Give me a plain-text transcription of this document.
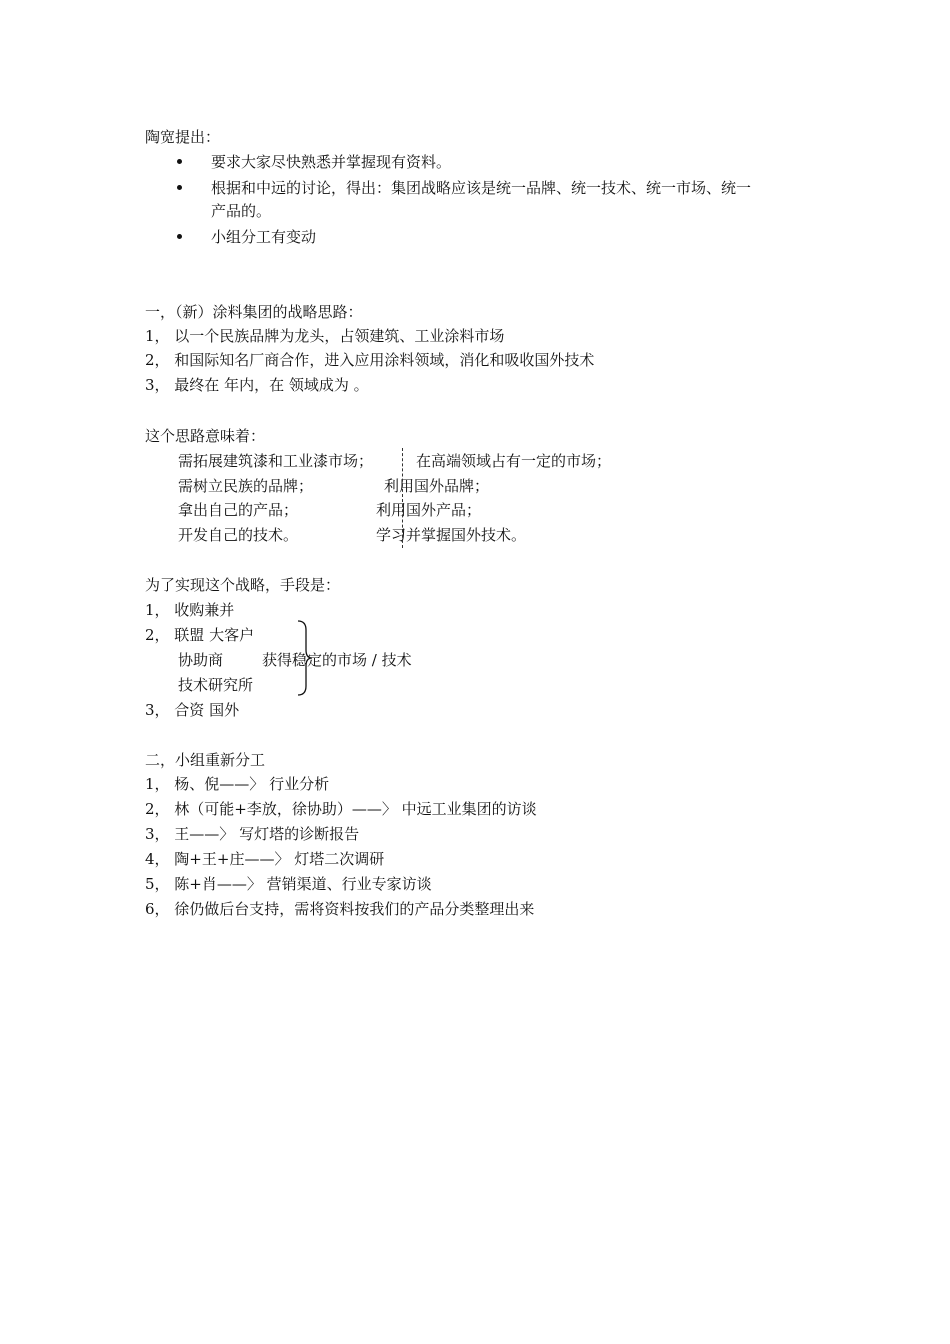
陶宽提出：
要求大家尽快熟悉并掌握现有资料。
根据和中远的讨论，得出：集团战略应该是统一品牌、统一技术、统一市场、统一
产品的。
小组分工有变动
一，（新）涂料集团的战略思路：
1， 以一个民族品牌为龙头，占领建筑、工业涂料市场
2， 和国际知名厂商合作，进入应用涂料领域，消化和吸收国外技术
3， 最终在 年内，在 领域成为 。
这个思路意味着：
需拓展建筑漆和工业漆市场；
需树立民族的品牌；
拿出自己的产品；
开发自己的技术。
在高端领域占有一定的市场；
利用国外品牌；
利用国外产品；
学习并掌握国外技术。
为了实现这个战略，手段是：
1， 收购兼并
2， 联盟 大客户
协助商	获得稳定的市场 / 技术
技术研究所
3， 合资 国外
二，小组重新分工
1， 杨、倪——〉 行业分析
2， 林（可能+李放，徐协助）——〉 中远工业集团的访谈
3， 王——〉 写灯塔的诊断报告
4， 陶+王+庄——〉 灯塔二次调研
5， 陈+肖——〉 营销渠道、行业专家访谈
6， 徐仍做后台支持，需将资料按我们的产品分类整理出来
